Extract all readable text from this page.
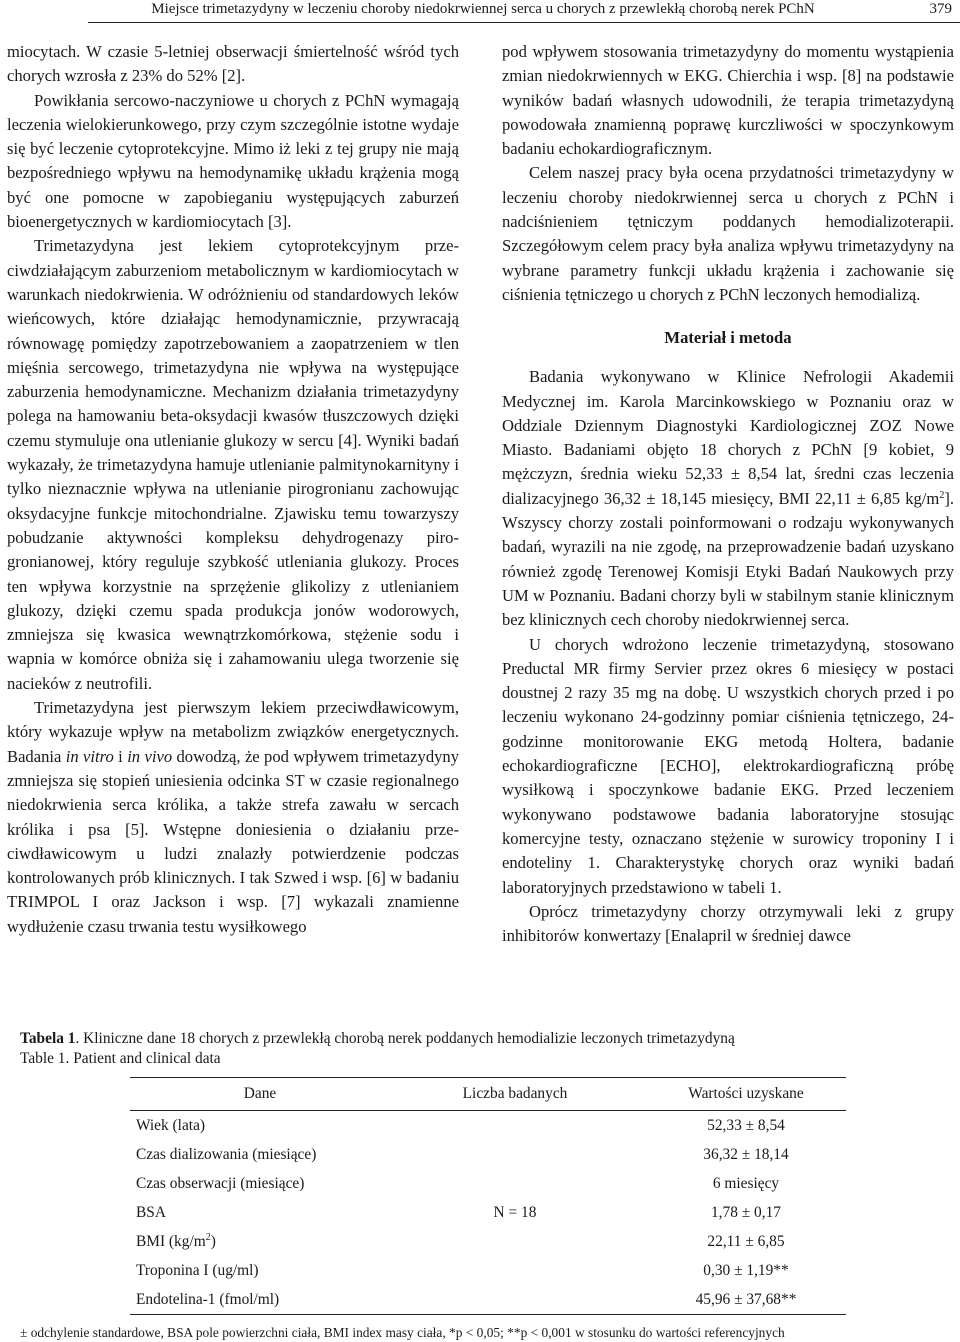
Miejsce trimetazydyny w leczeniu choroby niedokrwiennej serca u chorych z przewlekłą chorobą nerek PChN	379

miocytach. W czasie 5-letniej obserwacji śmiertelność wśród tych chorych wzrosła z 23% do 52% [2].

Powikłania sercowo-naczyniowe u chorych z PChN wymagają leczenia wielokierunkowego, przy czym szczególnie istotne wydaje się być leczenie cytoprotekcyjne. Mimo iż leki z tej grupy nie mają bezpośredniego wpływu na hemodynamikę układu krążenia mogą być one pomocne w zapobieganiu występujących zaburzeń bioenergetycznych w kardiomiocytach [3].

Trimetazydyna jest lekiem cytoprotekcyjnym przeciwdziałającym zaburzeniom metabolicznym w kardiomiocytach w warunkach niedokrwienia. W odróżnieniu od standardowych leków wieńcowych, które działając hemodynamicznie, przywracają równowagę pomiędzy zapotrzebowaniem a zaopatrzeniem w tlen mięśnia sercowego, trimetazydyna nie wpływa na występujące zaburzenia hemodynamiczne. Mechanizm działania trimetazydyny polega na hamowaniu beta-oksydacji kwasów tłuszczowych dzięki czemu stymuluje ona utlenianie glukozy w sercu [4]. Wyniki badań wykazały, że trimetazydyna hamuje utlenianie palmitynokarnityny i tylko nieznacznie wpływa na utlenianie pirogronianu zachowując oksydacyjne funkcje mitochondrialne. Zjawisku temu towarzyszy pobudzanie aktywności kompleksu dehydrogenazy pirogronianowej, który reguluje szybkość utleniania glukozy. Proces ten wpływa korzystnie na sprzężenie glikolizy z utlenianiem glukozy, dzięki czemu spada produkcja jonów wodorowych, zmniejsza się kwasica wewnątrzkomórkowa, stężenie sodu i wapnia w komórce obniża się i zahamowaniu ulega tworzenie się nacieków z neutrofili.

Trimetazydyna jest pierwszym lekiem przeciwdławicowym, który wykazuje wpływ na metabolizm związków energetycznych. Badania in vitro i in vivo dowodzą, że pod wpływem trimetazydyny zmniejsza się stopień uniesienia odcinka ST w czasie regionalnego niedokrwienia serca królika, a także strefa zawału w sercach królika i psa [5]. Wstępne doniesienia o działaniu przeciwdławicowym u ludzi znalazły potwierdzenie podczas kontrolowanych prób klinicznych. I tak Szwed i wsp. [6] w badaniu TRIMPOL I oraz Jackson i wsp. [7] wykazali znamienne wydłużenie czasu trwania testu wysiłkowego

pod wpływem stosowania trimetazydyny do momentu wystąpienia zmian niedokrwiennych w EKG. Chierchia i wsp. [8] na podstawie wyników badań własnych udowodnili, że terapia trimetazydyną powodowała znamienną poprawę kurczliwości w spoczynkowym badaniu echokardiograficznym.

Celem naszej pracy była ocena przydatności trimetazydyny w leczeniu choroby niedokrwiennej serca u chorych z PChN i nadciśnieniem tętniczym poddanych hemodializoterapii. Szczegółowym celem pracy była analiza wpływu trimetazydyny na wybrane parametry funkcji układu krążenia i zachowanie się ciśnienia tętniczego u chorych z PChN leczonych hemodializą.

Materiał i metoda

Badania wykonywano w Klinice Nefrologii Akademii Medycznej im. Karola Marcinkowskiego w Poznaniu oraz w Oddziale Dziennym Diagnostyki Kardiologicznej ZOZ Nowe Miasto. Badaniami objęto 18 chorych z PChN [9 kobiet, 9 mężczyzn, średnia wieku 52,33 ± 8,54 lat, średni czas leczenia dializacyjnego 36,32 ± 18,145 miesięcy, BMI 22,11 ± 6,85 $kg/m^2$]. Wszyscy chorzy zostali poinformowani o rodzaju wykonywanych badań, wyrazili na nie zgodę, na przeprowadzenie badań uzyskano również zgodę Terenowej Komisji Etyki Badań Naukowych przy UM w Poznaniu. Badani chorzy byli w stabilnym stanie klinicznym bez klinicznych cech choroby niedokrwiennej serca.

U chorych wdrożono leczenie trimetazydyną, stosowano Preductal MR firmy Servier przez okres 6 miesięcy w postaci doustnej 2 razy 35 mg na dobę. U wszystkich chorych przed i po leczeniu wykonano 24-godzinny pomiar ciśnienia tętniczego, 24-godzinne monitorowanie EKG metodą Holtera, badanie echokardiograficzne [ECHO], elektrokardiograficzną próbę wysiłkową i spoczynkowe badanie EKG. Przed leczeniem wykonywano podstawowe badania laboratoryjne stosując komercyjne testy, oznaczano stężenie w surowicy troponiny I i endoteliny 1. Charakterystykę chorych oraz wyniki badań laboratoryjnych przedstawiono w tabeli 1.

Oprócz trimetazydyny chorzy otrzymywali leki z grupy inhibitorów konwertazy [Enalapril w średniej dawce

Tabela 1. Kliniczne dane 18 chorych z przewlekłą chorobą nerek poddanych hemodializie leczonych trimetazydyną
Table 1. Patient and clinical data
Dane	Liczba badanych	Wartości uzyskane
Wiek (lata)	N = 18	52,33 ± 8,54
Czas dializowania (miesiące)		36,32 ± 18,14
Czas obserwacji (miesiące)		6 miesięcy
BSA		1,78 ± 0,17
BMI $(kg/m^2)$		22,11 ± 6,85
Troponina I (ug/ml)		0,30 ± 1,19**
Endotelina-1 (fmol/ml)		45,96 ± 37,68**
± odchylenie standardowe, BSA pole powierzchni ciała, BMI index masy ciała, *p < 0,05; **p < 0,001 w stosunku do wartości referencyjnych
